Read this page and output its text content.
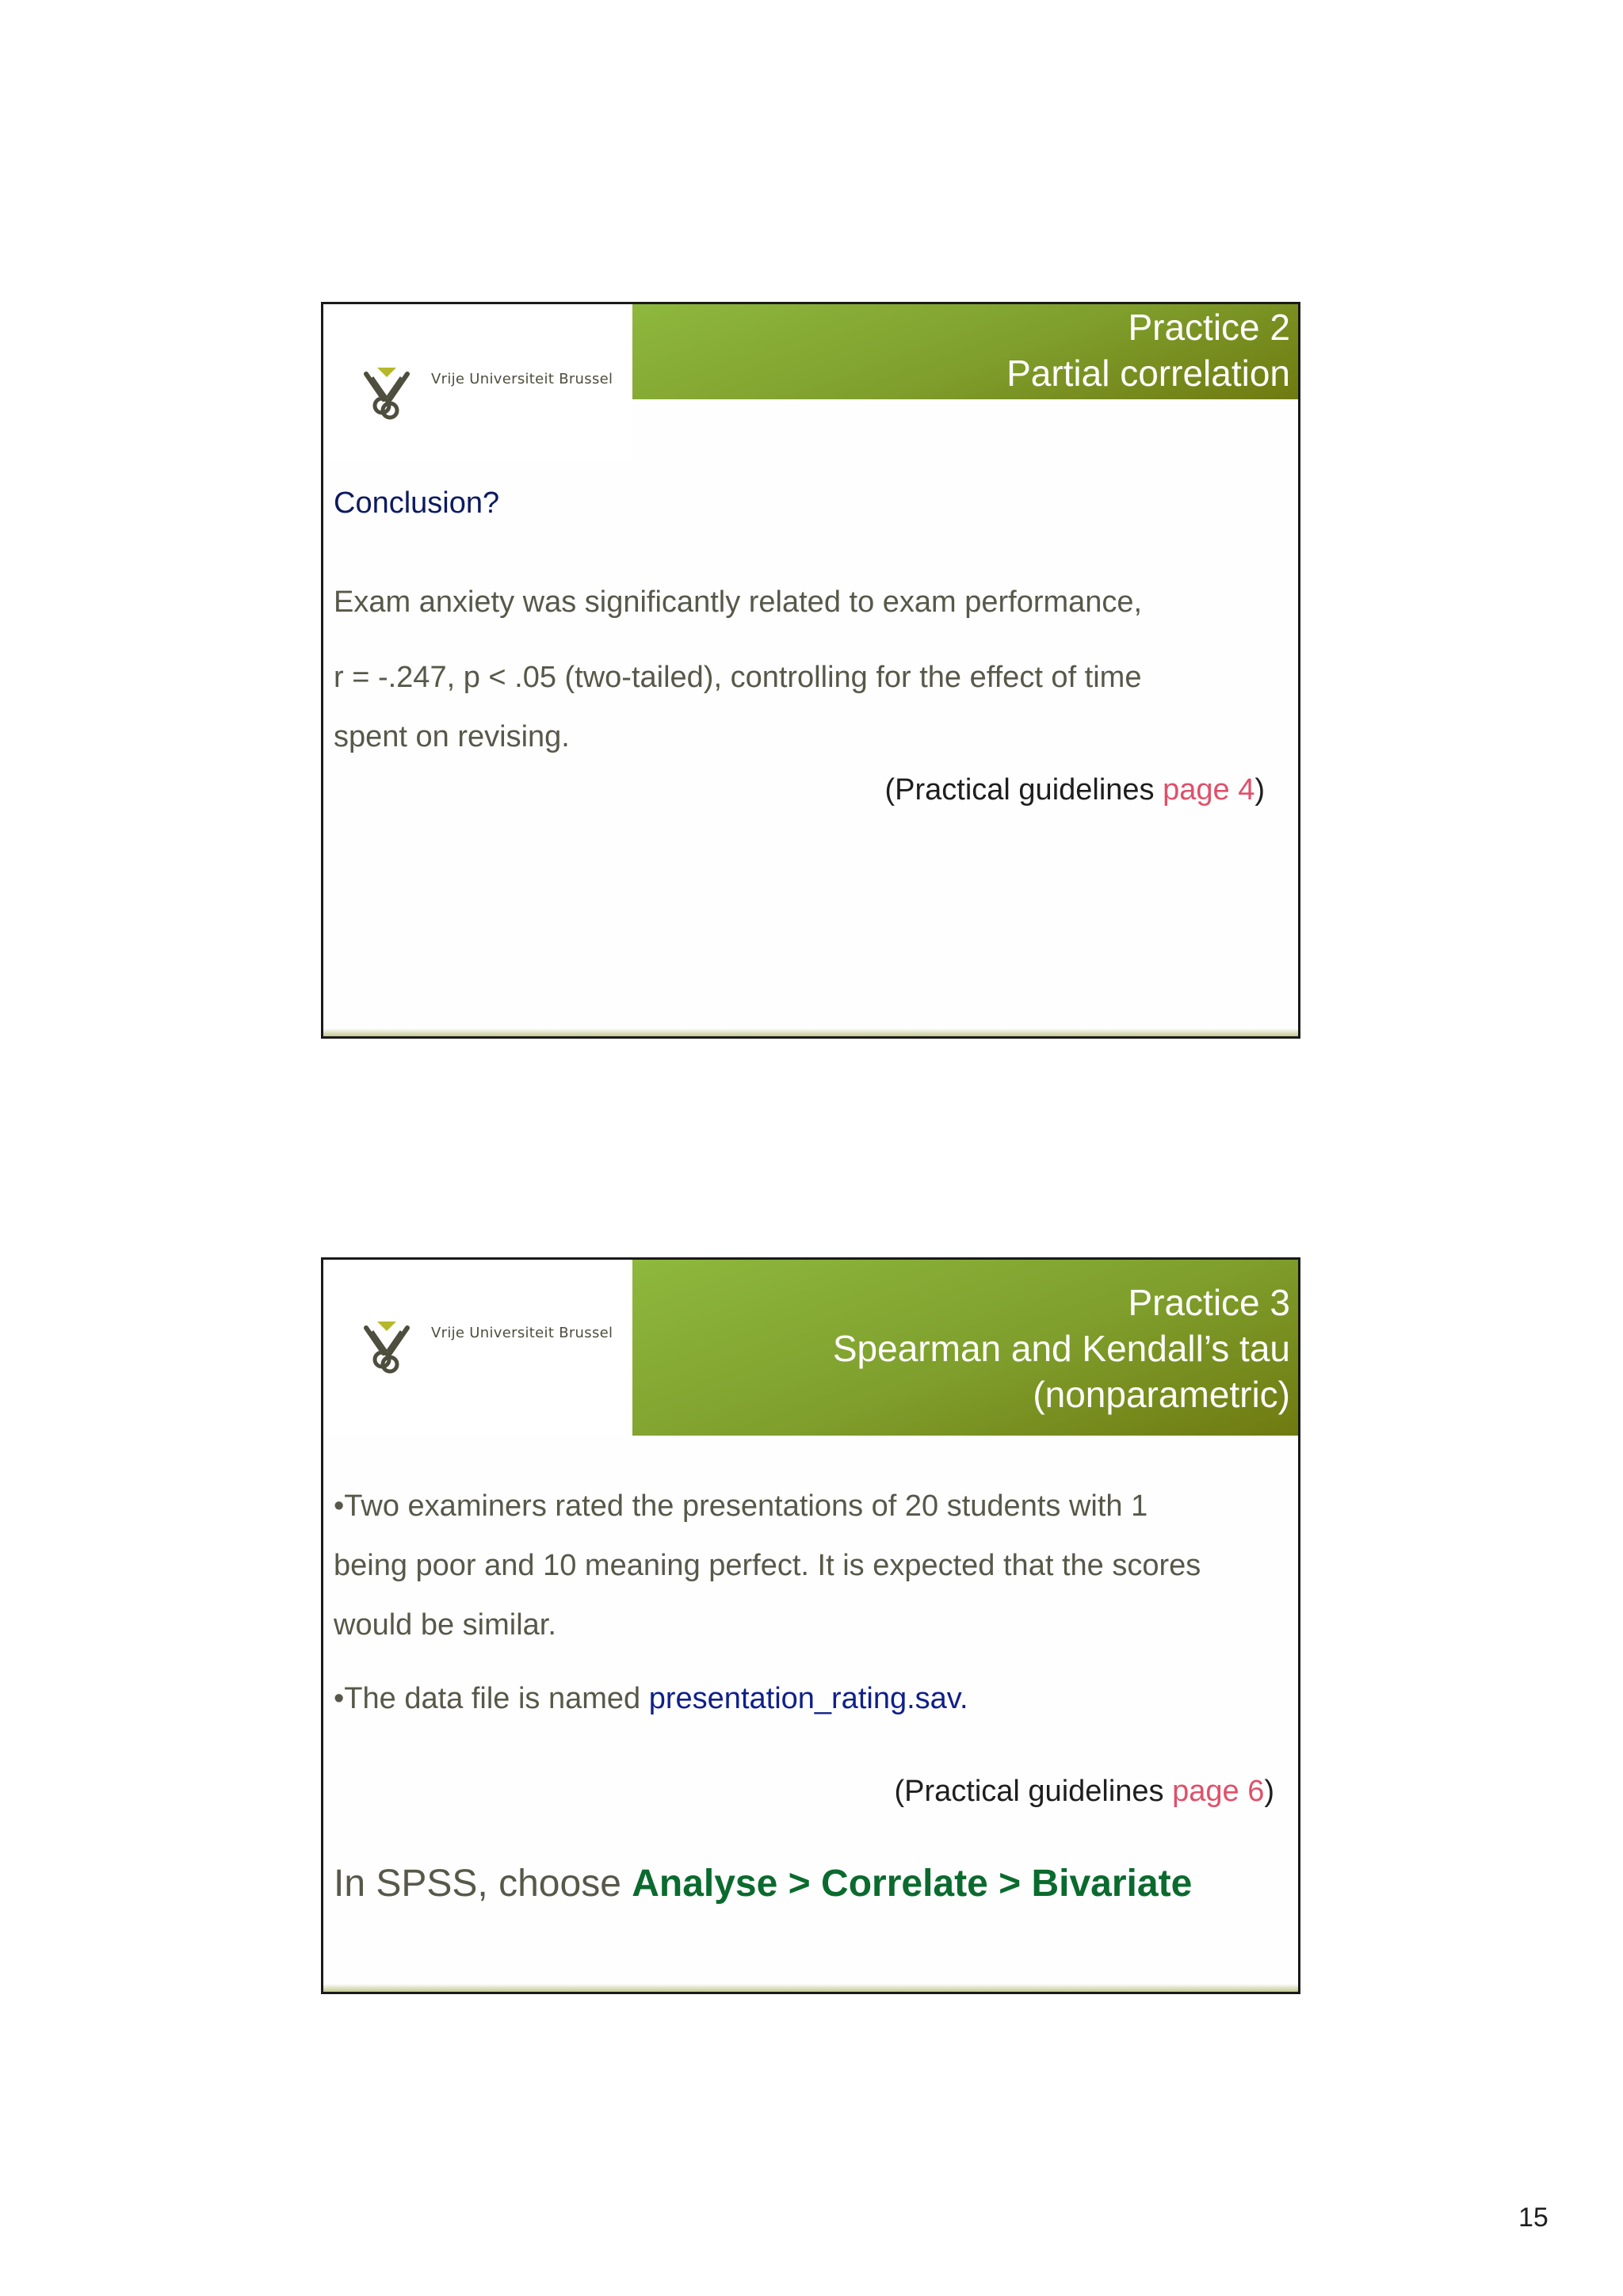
Vrije Universiteit Brussel
Practice 2
Partial correlation
Conclusion?
Exam anxiety was significantly related to exam performance,
r = -.247, p < .05 (two-tailed), controlling for the effect of time
spent on revising.
(Practical guidelines page 4)
Vrije Universiteit Brussel
Practice 3
Spearman and Kendall’s tau
(nonparametric)
•Two examiners rated the presentations of 20 students with 1
being poor and 10 meaning perfect. It is expected that the scores
would be similar.
•The data file is named presentation_rating.sav.
(Practical guidelines page 6)
In SPSS, choose Analyse > Correlate > Bivariate
15
